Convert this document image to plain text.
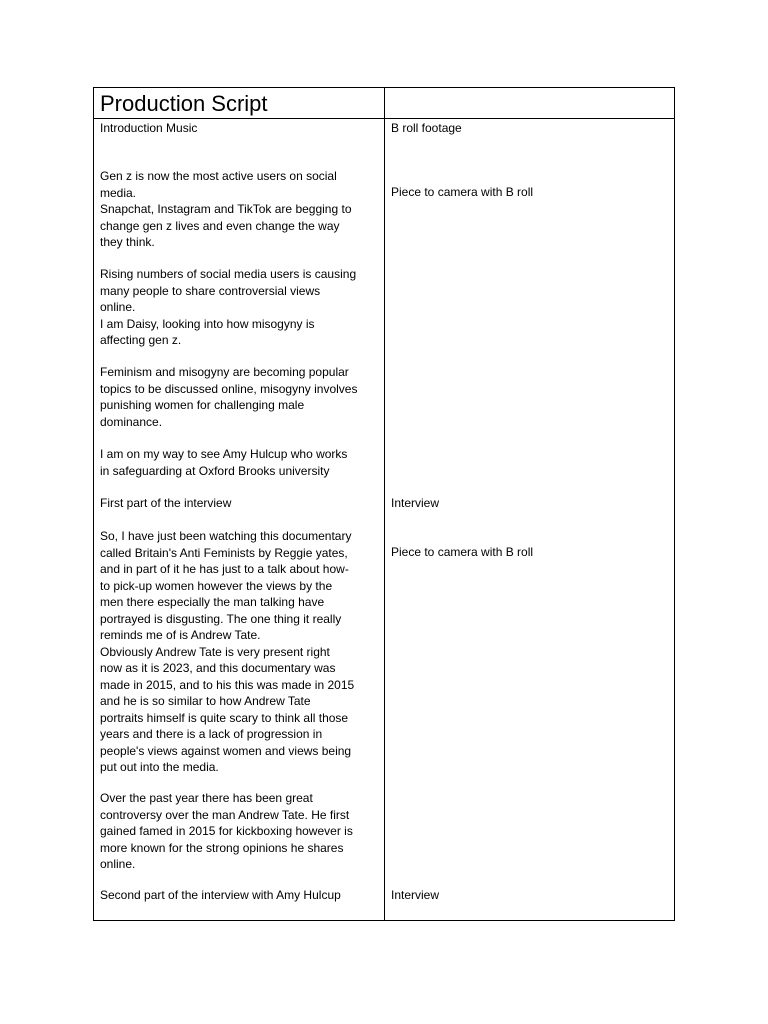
Production Script
Introduction Music
Gen z is now the most active users on social
media.
Snapchat, Instagram and TikTok are begging to
change gen z lives and even change the way
they think.
Rising numbers of social media users is causing
many people to share controversial views
online.
I am Daisy, looking into how misogyny is
affecting gen z.
Feminism and misogyny are becoming popular
topics to be discussed online, misogyny involves
punishing women for challenging male
dominance.
I am on my way to see Amy Hulcup who works
in safeguarding at Oxford Brooks university
First part of the interview
So, I have just been watching this documentary
called Britain's Anti Feminists by Reggie yates,
and in part of it he has just to a talk about how-
to pick-up women however the views by the
men there especially the man talking have
portrayed is disgusting. The one thing it really
reminds me of is Andrew Tate.
Obviously Andrew Tate is very present right
now as it is 2023, and this documentary was
made in 2015, and to his this was made in 2015
and he is so similar to how Andrew Tate
portraits himself is quite scary to think all those
years and there is a lack of progression in
people's views against women and views being
put out into the media.
Over the past year there has been great
controversy over the man Andrew Tate. He first
gained famed in 2015 for kickboxing however is
more known for the strong opinions he shares
online.
Second part of the interview with Amy Hulcup
B roll footage
Piece to camera with B roll
Interview
Piece to camera with B roll
Interview
